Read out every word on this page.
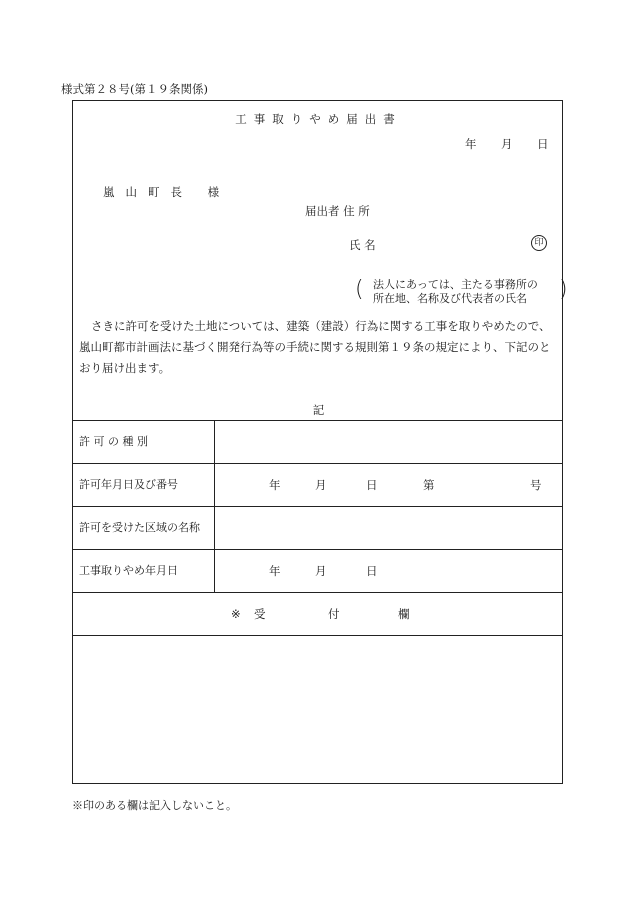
様式第２８号(第１９条関係)
工事取りやめ届出書
年 月 日
嵐山町長 様
届出者 住 所
氏 名	印
( 法人にあっては、主たる事務所の
所在地、名称及び代表者の氏名	)

さきに許可を受けた土地については、建築（建設）行為に関する工事を取りやめたので、嵐山町都市計画法に基づく開発行為等の手続に関する規則第１９条の規定により、下記のとおり届け出ます。

記
許 可 の 種 別
許可年月日及び番号	年	月	日	第	号
許可を受けた区域の名称
工事取りやめ年月日	年	月	日
※ 受	付	欄
※印のある欄は記入しないこと。
